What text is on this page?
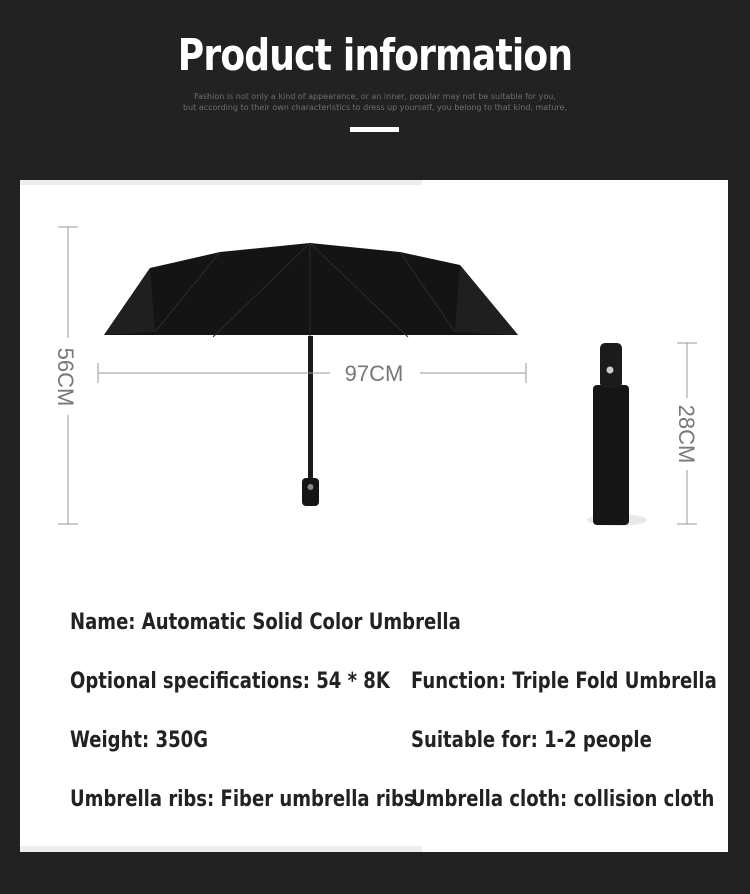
Product information
Fashion is not only a kind of appearance, or an inner, popular may not be suitable for you,
but according to their own characteristics to dress up yourself, you belong to that kind, mature,
56CM	97CM
28CM
Name: Automatic Solid Color Umbrella
Optional specifications: 54 * 8K Function: Triple Fold Umbrella
Weight: 350G	Suitable for: 1-2 people
Umbrella ribs: Fiber umbrella ribs
Umbrella cloth: collision cloth
